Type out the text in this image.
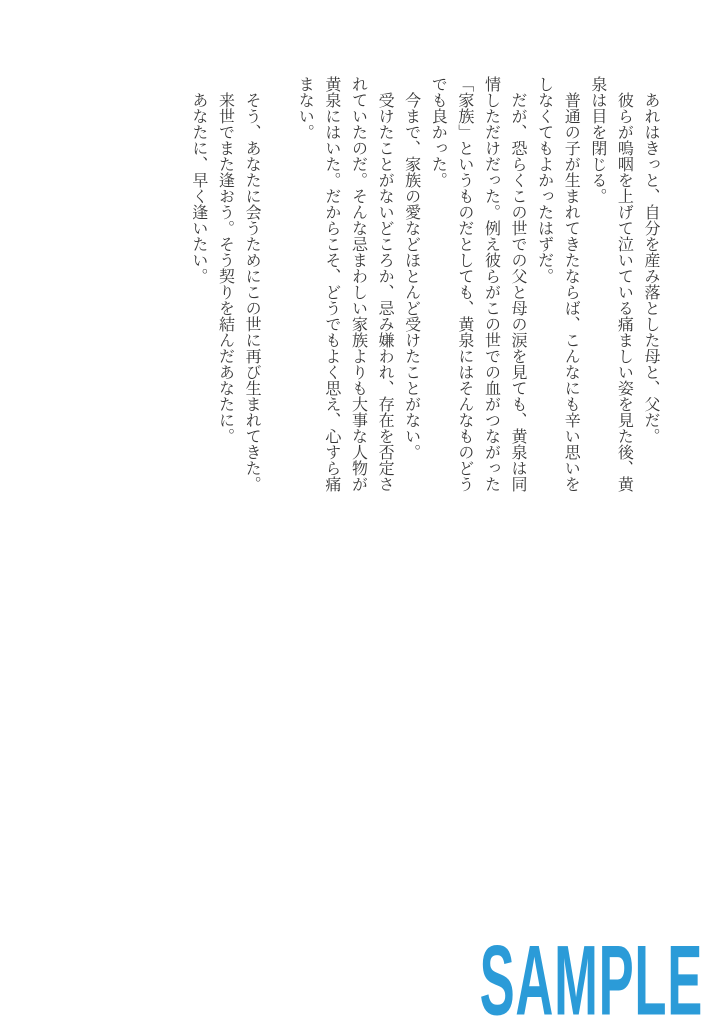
あれはきっと、自分を産み落とした母と、父だ。

彼らが嗚咽を上げて泣いている痛ましい姿を見た後、黄泉は目を閉じる。

普通の子が生まれてきたならば、こんなにも辛い思いをしなくてもよかったはずだ。

だが、恐らくこの世での父と母の涙を見ても、黄泉は同情しただけだった。例え彼らがこの世での血がつながった「家族」というものだとしても、黄泉にはそんなものどうでも良かった。

今まで、家族の愛などほとんど受けたことがない。

受けたことがないどころか、忌み嫌われ、存在を否定されていたのだ。そんな忌まわしい家族よりも大事な人物が黄泉にはいた。だからこそ、どうでもよく思え、心すら痛まない。

そう、あなたに会うためにこの世に再び生まれてきた。

来世でまた逢おう。そう契りを結んだあなたに。

あなたに、早く逢いたい。

SAMPLE
